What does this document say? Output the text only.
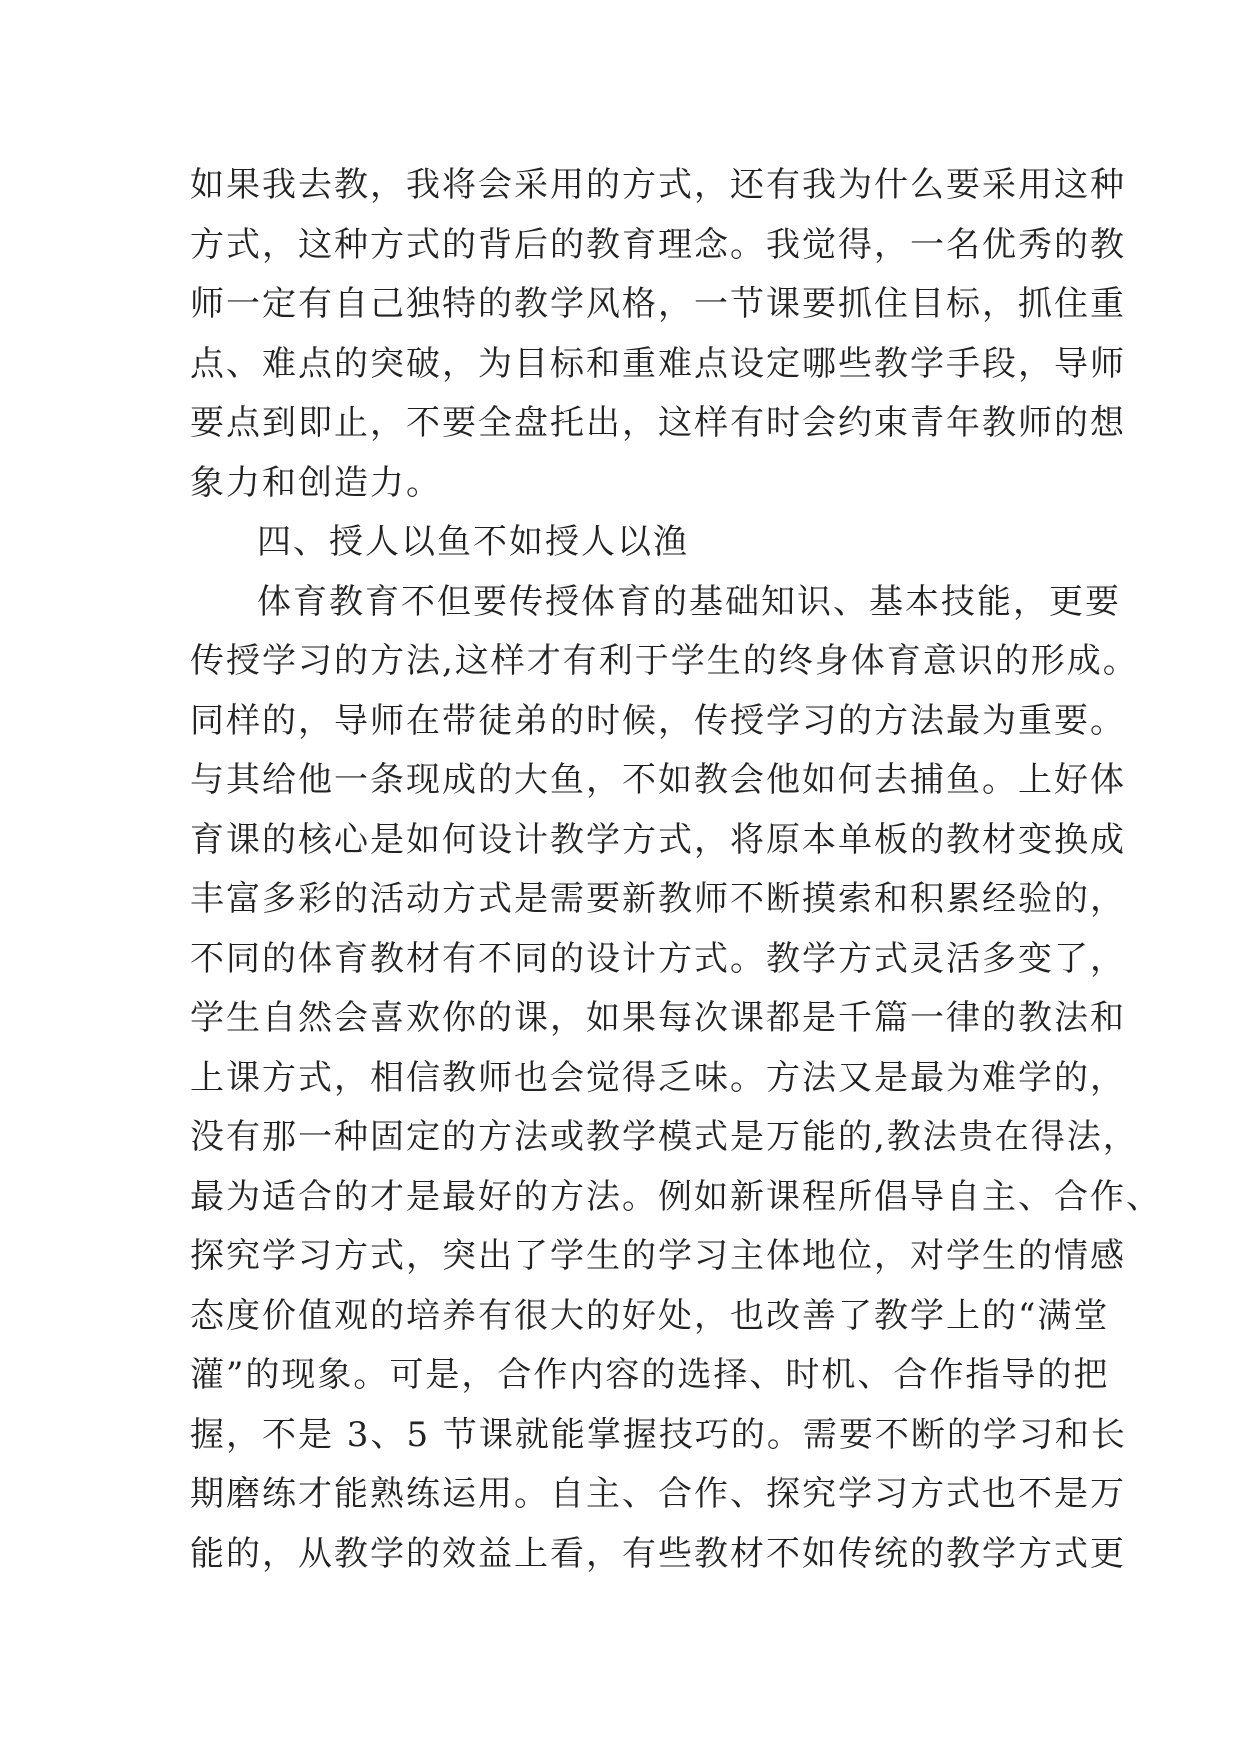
如果我去教，我将会采用的方式，还有我为什么要采用这种
方式，这种方式的背后的教育理念。我觉得，一名优秀的教
师一定有自己独特的教学风格，一节课要抓住目标，抓住重
点、难点的突破，为目标和重难点设定哪些教学手段，导师
要点到即止，不要全盘托出，这样有时会约束青年教师的想
象力和创造力。
四、授人以鱼不如授人以渔
体育教育不但要传授体育的基础知识、基本技能，更要
传授学习的方法,这样才有利于学生的终身体育意识的形成。
同样的，导师在带徒弟的时候，传授学习的方法最为重要。
与其给他一条现成的大鱼，不如教会他如何去捕鱼。上好体
育课的核心是如何设计教学方式，将原本单板的教材变换成
丰富多彩的活动方式是需要新教师不断摸索和积累经验的，
不同的体育教材有不同的设计方式。教学方式灵活多变了，
学生自然会喜欢你的课，如果每次课都是千篇一律的教法和
上课方式，相信教师也会觉得乏味。方法又是最为难学的，
没有那一种固定的方法或教学模式是万能的,教法贵在得法，
最为适合的才是最好的方法。例如新课程所倡导自主、合作、
探究学习方式，突出了学生的学习主体地位，对学生的情感
态度价值观的培养有很大的好处，也改善了教学上的“满堂
灌”的现象。可是，合作内容的选择、时机、合作指导的把
握，不是 3、5 节课就能掌握技巧的。需要不断的学习和长
期磨练才能熟练运用。自主、合作、探究学习方式也不是万
能的，从教学的效益上看，有些教材不如传统的教学方式更
